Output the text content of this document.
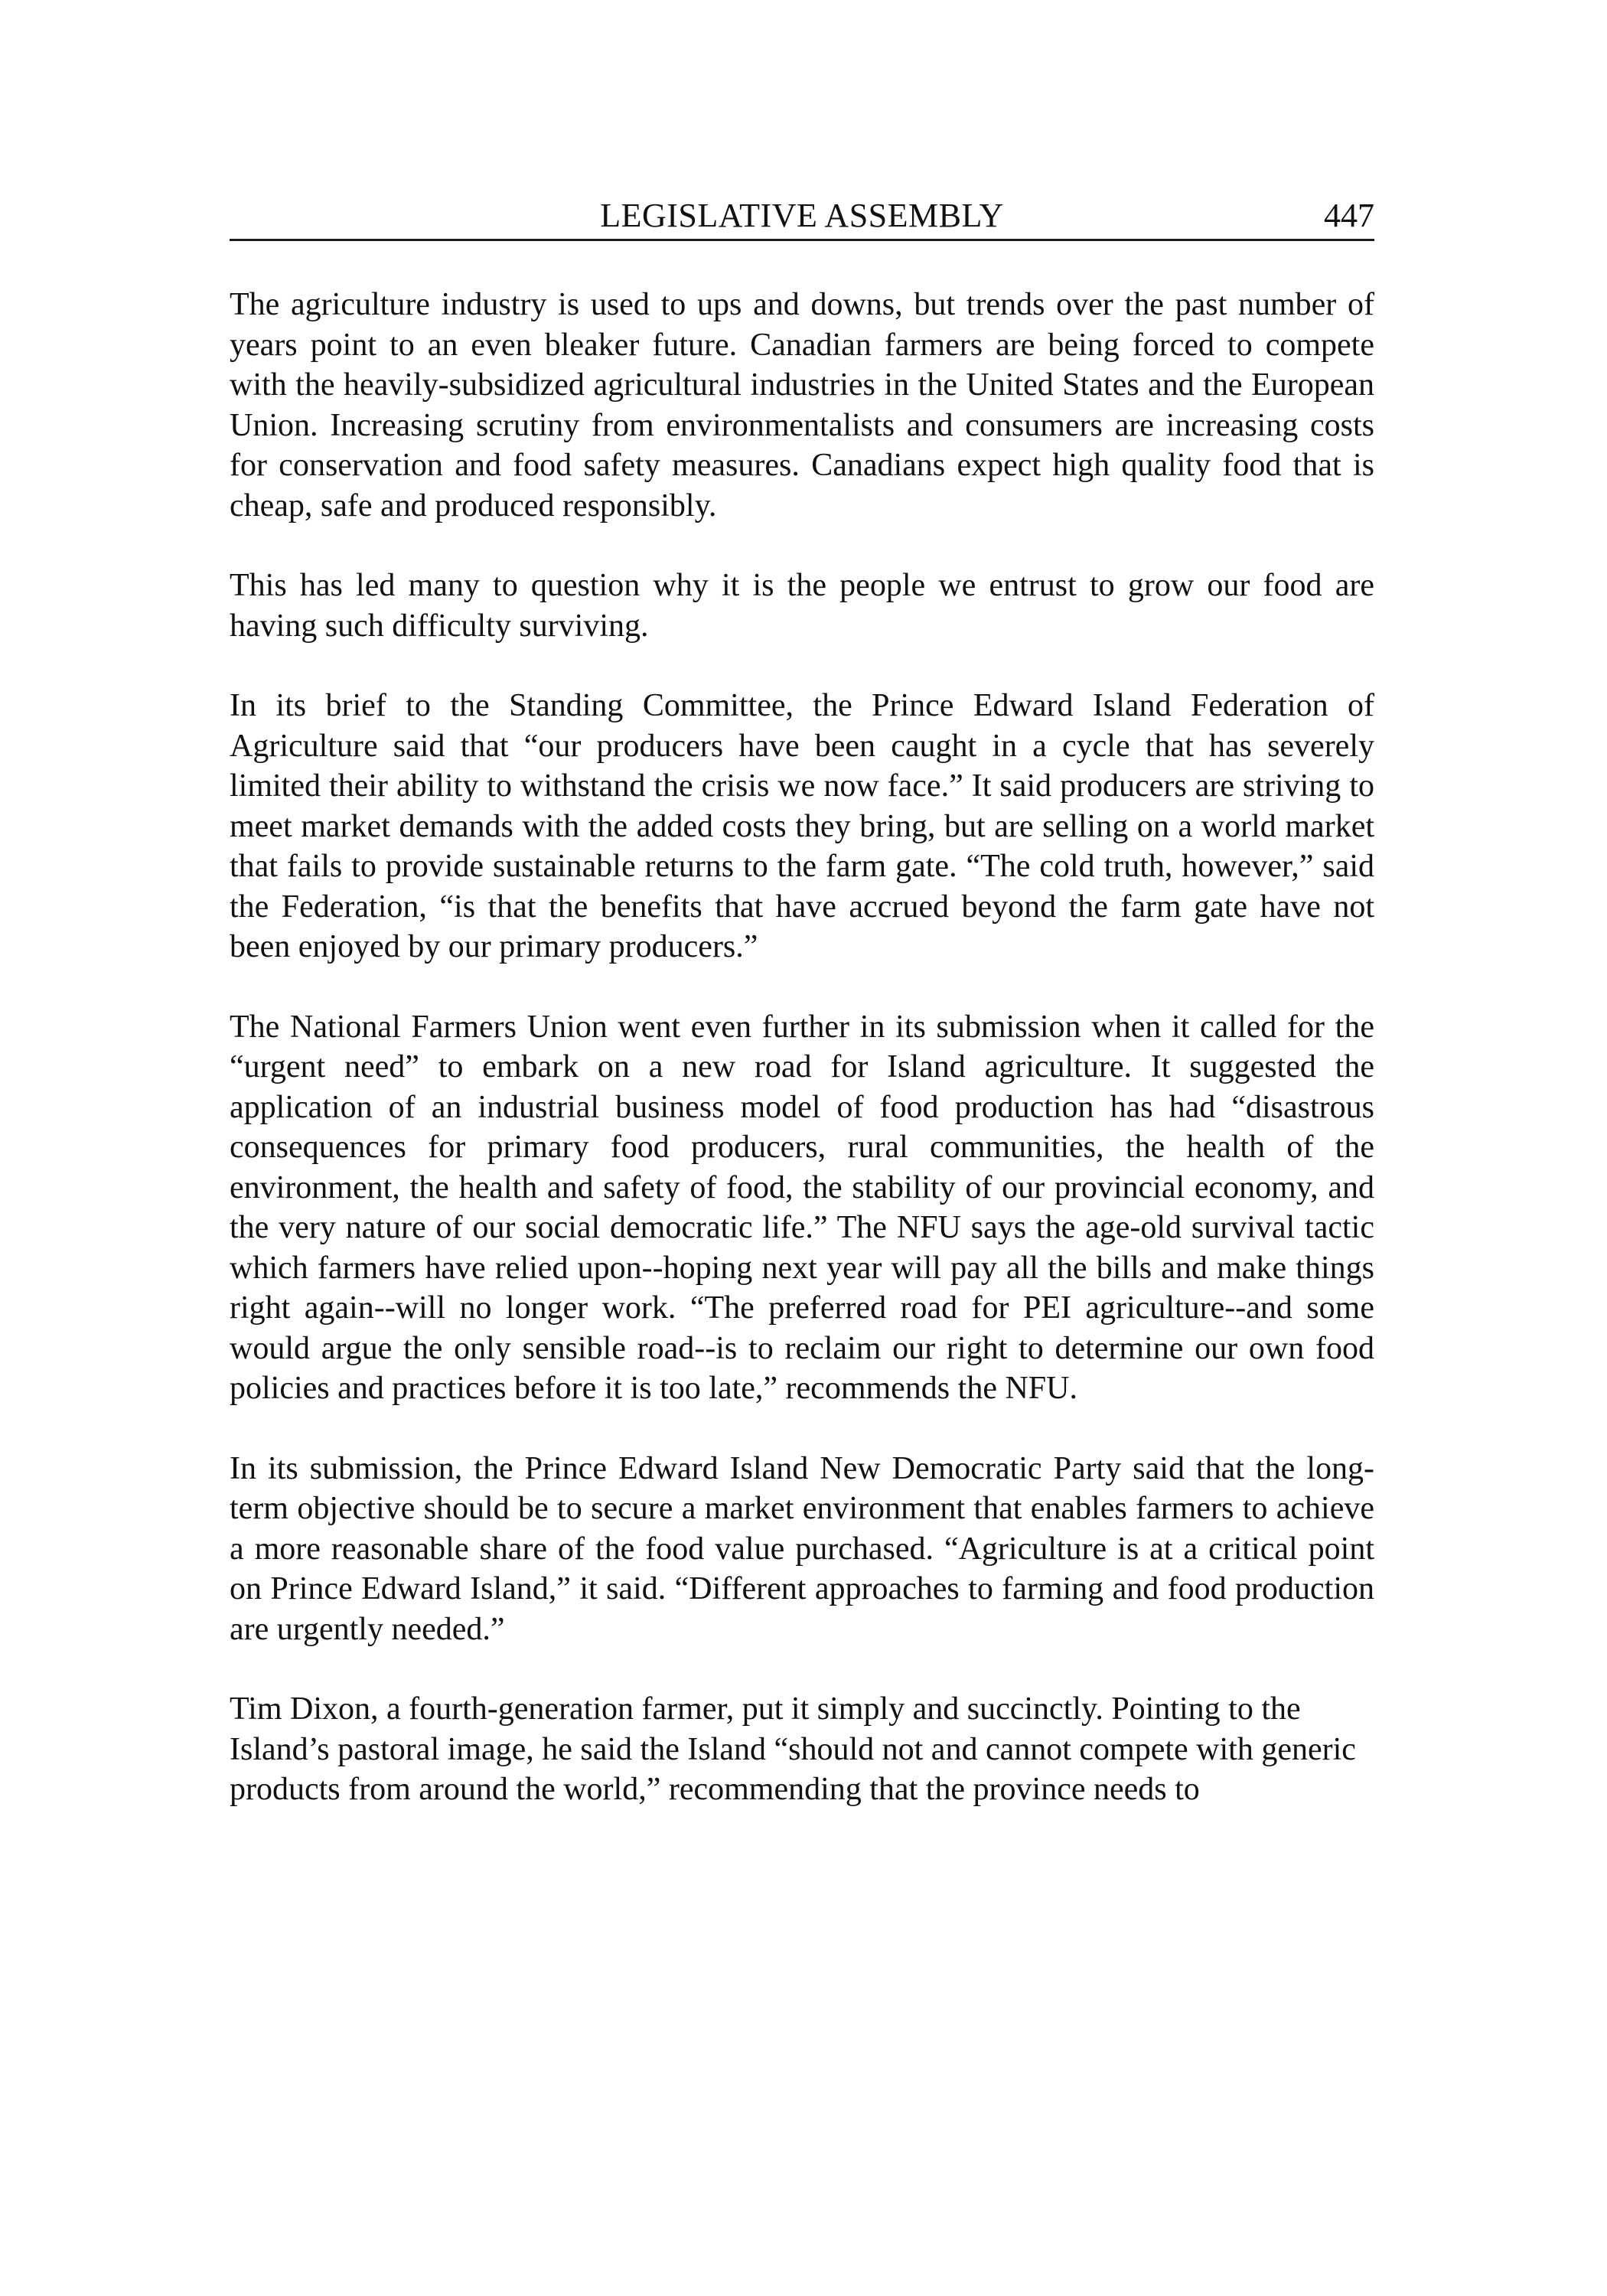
LEGISLATIVE ASSEMBLY	447

The agriculture industry is used to ups and downs, but trends over the past number of years point to an even bleaker future. Canadian farmers are being forced to compete with the heavily-subsidized agricultural industries in the United States and the European Union. Increasing scrutiny from environmentalists and consumers are increasing costs for conservation and food safety measures. Canadians expect high quality food that is cheap, safe and produced responsibly.

This has led many to question why it is the people we entrust to grow our food are having such difficulty surviving.

In its brief to the Standing Committee, the Prince Edward Island Federation of Agriculture said that “our producers have been caught in a cycle that has severely limited their ability to withstand the crisis we now face.” It said producers are striving to meet market demands with the added costs they bring, but are selling on a world market that fails to provide sustainable returns to the farm gate. “The cold truth, however,” said the Federation, “is that the benefits that have accrued beyond the farm gate have not been enjoyed by our primary producers.”

The National Farmers Union went even further in its submission when it called for the “urgent need” to embark on a new road for Island agriculture. It suggested the application of an industrial business model of food production has had “disastrous consequences for primary food producers, rural communities, the health of the environment, the health and safety of food, the stability of our provincial economy, and the very nature of our social democratic life.” The NFU says the age-old survival tactic which farmers have relied upon--hoping next year will pay all the bills and make things right again--will no longer work. “The preferred road for PEI agriculture--and some would argue the only sensible road--is to reclaim our right to determine our own food policies and practices before it is too late,” recommends the NFU.

In its submission, the Prince Edward Island New Democratic Party said that the long-term objective should be to secure a market environment that enables farmers to achieve a more reasonable share of the food value purchased. “Agriculture is at a critical point on Prince Edward Island,” it said. “Different approaches to farming and food production are urgently needed.”

Tim Dixon, a fourth-generation farmer, put it simply and succinctly. Pointing to the Island’s pastoral image, he said the Island “should not and cannot compete with generic products from around the world,” recommending that the province needs to
